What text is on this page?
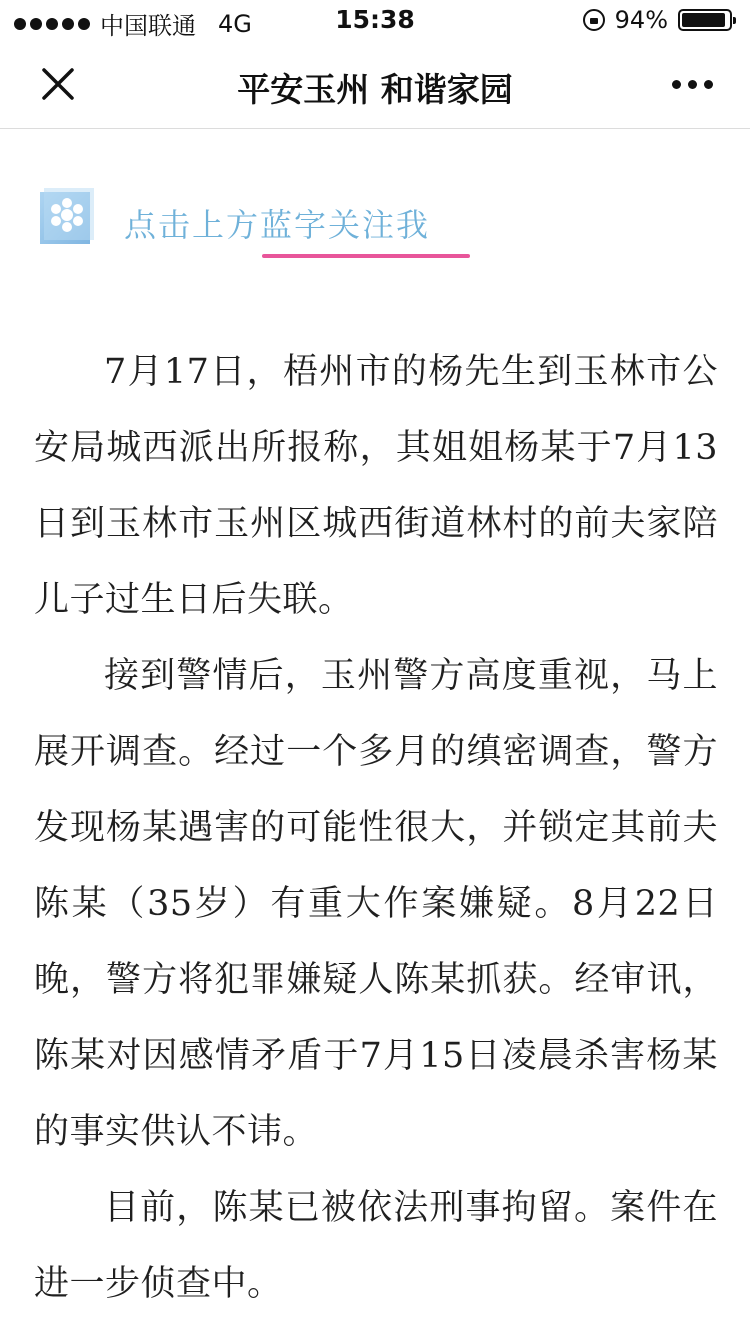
中国联通 4G	15:38	94%
平安玉州 和谐家园
点击上方蓝字关注我

7月17日，梧州市的杨先生到玉林市公安局城西派出所报称，其姐姐杨某于7月13日到玉林市玉州区城西街道林村的前夫家陪儿子过生日后失联。

接到警情后，玉州警方高度重视，马上展开调查。经过一个多月的缜密调查，警方发现杨某遇害的可能性很大，并锁定其前夫陈某（35岁）有重大作案嫌疑。8月22日晚，警方将犯罪嫌疑人陈某抓获。经审讯，陈某对因感情矛盾于7月15日凌晨杀害杨某的事实供认不讳。

目前，陈某已被依法刑事拘留。案件在进一步侦查中。
